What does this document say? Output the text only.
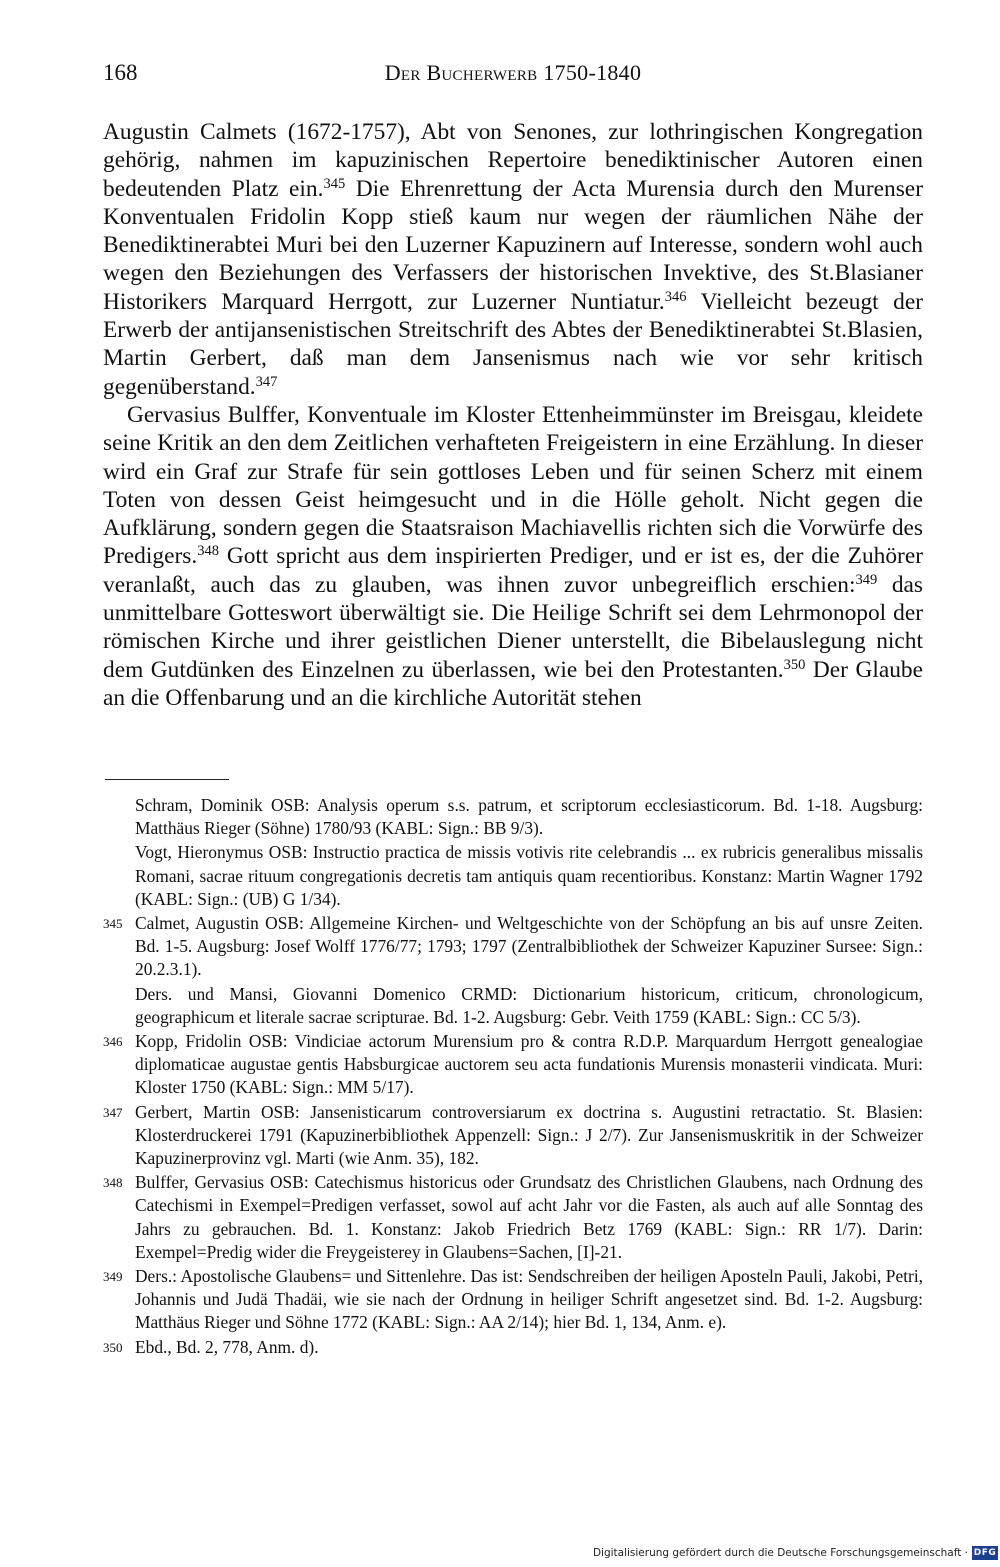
168	Der Bucherwerb 1750-1840

Augustin Calmets (1672-1757), Abt von Senones, zur lothringischen Kongregation gehörig, nahmen im kapuzinischen Repertoire benediktinischer Autoren einen bedeutenden Platz ein.$^{345}$ Die Ehrenrettung der Acta Murensia durch den Murenser Konventualen Fridolin Kopp stieß kaum nur wegen der räumlichen Nähe der Benediktinerabtei Muri bei den Luzerner Kapuzinern auf Interesse, sondern wohl auch wegen den Beziehungen des Verfassers der historischen Invektive, des St.Blasianer Historikers Marquard Herrgott, zur Luzerner Nuntiatur.$^{346}$ Vielleicht bezeugt der Erwerb der antijansenistischen Streitschrift des Abtes der Benediktinerabtei St.Blasien, Martin Gerbert, daß man dem Jansenismus nach wie vor sehr kritisch gegenüberstand.$^{347}$

Gervasius Bulffer, Konventuale im Kloster Ettenheimmünster im Breisgau, kleidete seine Kritik an den dem Zeitlichen verhafteten Freigeistern in eine Erzählung. In dieser wird ein Graf zur Strafe für sein gottloses Leben und für seinen Scherz mit einem Toten von dessen Geist heimgesucht und in die Hölle geholt. Nicht gegen die Aufklärung, sondern gegen die Staatsraison Machiavellis richten sich die Vorwürfe des Predigers.$^{348}$ Gott spricht aus dem inspirierten Prediger, und er ist es, der die Zuhörer veranlaßt, auch das zu glauben, was ihnen zuvor unbegreiflich erschien:$^{349}$ das unmittelbare Gotteswort überwältigt sie. Die Heilige Schrift sei dem Lehrmonopol der römischen Kirche und ihrer geistlichen Diener unterstellt, die Bibelauslegung nicht dem Gutdünken des Einzelnen zu überlassen, wie bei den Protestanten.$^{350}$ Der Glaube an die Offenbarung und an die kirchliche Autorität stehen

Schram, Dominik OSB: Analysis operum s.s. patrum, et scriptorum ecclesiasticorum. Bd. 1-18. Augsburg: Matthäus Rieger (Söhne) 1780/93 (KABL: Sign.: BB 9/3).

Vogt, Hieronymus OSB: Instructio practica de missis votivis rite celebrandis ... ex rubricis generalibus missalis Romani, sacrae rituum congregationis decretis tam antiquis quam recentioribus. Konstanz: Martin Wagner 1792 (KABL: Sign.: (UB) G 1/34).

345 Calmet, Augustin OSB: Allgemeine Kirchen- und Weltgeschichte von der Schöpfung an bis auf unsre Zeiten. Bd. 1-5. Augsburg: Josef Wolff 1776/77; 1793; 1797 (Zentralbibliothek der Schweizer Kapuziner Sursee: Sign.: 20.2.3.1).

Ders. und Mansi, Giovanni Domenico CRMD: Dictionarium historicum, criticum, chronologicum, geographicum et literale sacrae scripturae. Bd. 1-2. Augsburg: Gebr. Veith 1759 (KABL: Sign.: CC 5/3).

346 Kopp, Fridolin OSB: Vindiciae actorum Murensium pro & contra R.D.P. Marquardum Herrgott genealogiae diplomaticae augustae gentis Habsburgicae auctorem seu acta fundationis Murensis monasterii vindicata. Muri: Kloster 1750 (KABL: Sign.: MM 5/17).

347 Gerbert, Martin OSB: Jansenisticarum controversiarum ex doctrina s. Augustini retractatio. St. Blasien: Klosterdruckerei 1791 (Kapuzinerbibliothek Appenzell: Sign.: J 2/7). Zur Jansenismuskritik in der Schweizer Kapuzinerprovinz vgl. Marti (wie Anm. 35), 182.

348 Bulffer, Gervasius OSB: Catechismus historicus oder Grundsatz des Christlichen Glaubens, nach Ordnung des Catechismi in Exempel=Predigen verfasset, sowol auf acht Jahr vor die Fasten, als auch auf alle Sonntag des Jahrs zu gebrauchen. Bd. 1. Konstanz: Jakob Friedrich Betz 1769 (KABL: Sign.: RR 1/7). Darin: Exempel=Predig wider die Freygeisterey in Glaubens=Sachen, [I]-21.

349 Ders.: Apostolische Glaubens= und Sittenlehre. Das ist: Sendschreiben der heiligen Aposteln Pauli, Jakobi, Petri, Johannis und Judä Thadäi, wie sie nach der Ordnung in heiliger Schrift angesetzet sind. Bd. 1-2. Augsburg: Matthäus Rieger und Söhne 1772 (KABL: Sign.: AA 2/14); hier Bd. 1, 134, Anm. e).

350 Ebd., Bd. 2, 778, Anm. d).

Digitalisierung gefördert durch die Deutsche Forschungsgemeinschaft · DFG
